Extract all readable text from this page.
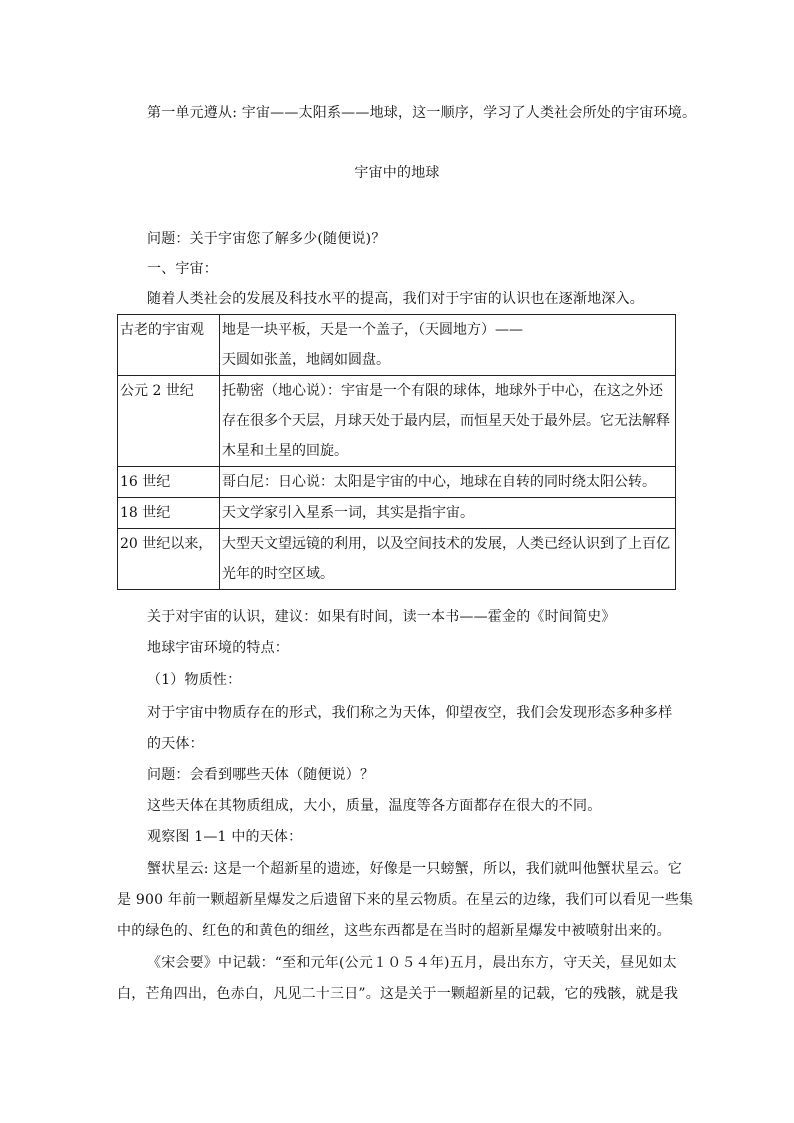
第一单元遵从: 宇宙——太阳系——地球，这一顺序，学习了人类社会所处的宇宙环境。
宇宙中的地球
问题：关于宇宙您了解多少(随便说)？
一、宇宙：
随着人类社会的发展及科技水平的提高，我们对于宇宙的认识也在逐渐地深入。
古老的宇宙观	地是一块平板，天是一个盖子，（天圆地方）——
天圆如张盖，地阔如圆盘。

公元 2 世纪	托勒密（地心说）：宇宙是一个有限的球体，地球外于中心，在这之外还
存在很多个天层，月球天处于最内层，而恒星天处于最外层。它无法解释
木星和土星的回旋。

16 世纪	哥白尼：日心说：太阳是宇宙的中心，地球在自转的同时绕太阳公转。

18 世纪	天文学家引入星系一词，其实是指宇宙。

20 世纪以来，	大型天文望远镜的利用，以及空间技术的发展，人类已经认识到了上百亿
光年的时空区域。
关于对宇宙的认识，建议：如果有时间，读一本书——霍金的《时间简史》
地球宇宙环境的特点：
（1）物质性：
对于宇宙中物质存在的形式，我们称之为天体，仰望夜空，我们会发现形态多种多样
的天体：
问题：会看到哪些天体（随便说）？
这些天体在其物质组成，大小，质量，温度等各方面都存在很大的不同。
观察图 1—1 中的天体：
蟹状星云: 这是一个超新星的遗迹，好像是一只螃蟹，所以，我们就叫他蟹状星云。它
是 900 年前一颗超新星爆发之后遗留下来的星云物质。在星云的边缘，我们可以看见一些集
中的绿色的、红色的和黄色的细丝，这些东西都是在当时的超新星爆发中被喷射出来的。
《宋会要》中记载：“至和元年(公元１０５４年)五月，晨出东方，守天关，昼见如太
白，芒角四出，色赤白，凡见二十三日”。这是关于一颗超新星的记载，它的残骸，就是我
